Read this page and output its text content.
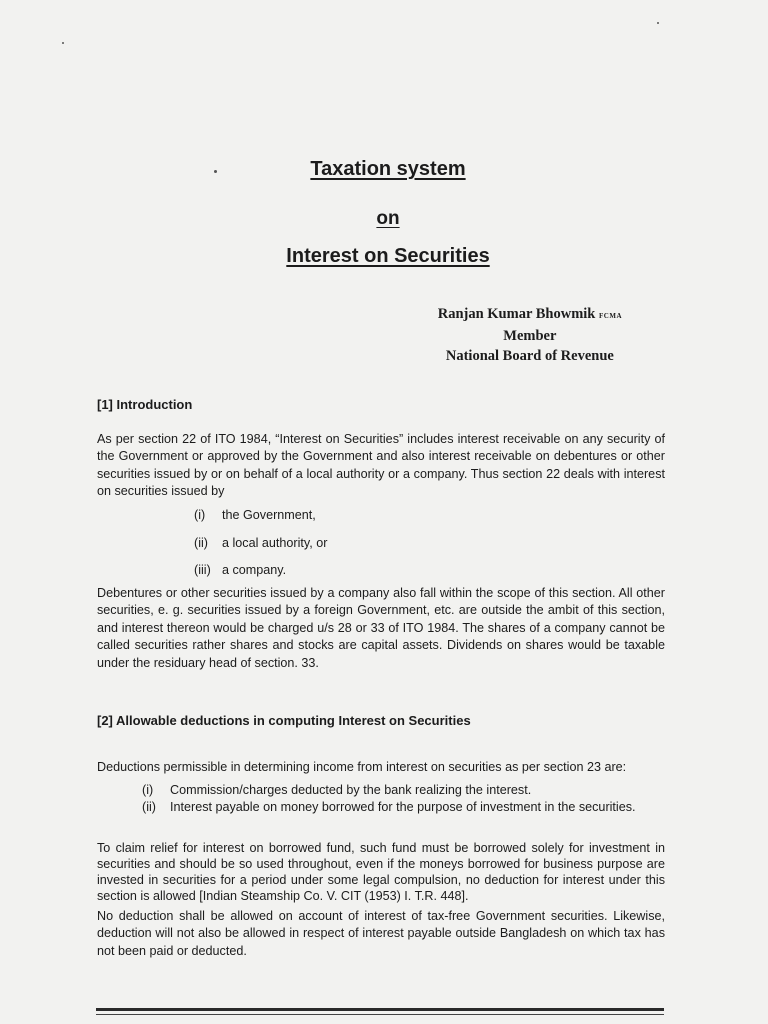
Taxation system
on
Interest on Securities
Ranjan Kumar Bhowmik FCMA
Member
National Board of Revenue
[1] Introduction

As per section 22 of ITO 1984, “Interest on Securities” includes interest receivable on any security of the Government or approved by the Government and also interest receivable on debentures or other securities issued by or on behalf of a local authority or a company. Thus section 22 deals with interest on securities issued by

(i)	the Government,
(ii)	a local authority, or
(iii) a company.

Debentures or other securities issued by a company also fall within the scope of this section. All other securities, e. g. securities issued by a foreign Government, etc. are outside the ambit of this section, and interest thereon would be charged u/s 28 or 33 of ITO 1984. The shares of a company cannot be called securities rather shares and stocks are capital assets. Dividends on shares would be taxable under the residuary head of section. 33.

[2] Allowable deductions in computing Interest on Securities

Deductions permissible in determining income from interest on securities as per section 23 are:

(i)	Commission/charges deducted by the bank realizing the interest.
(ii)	Interest payable on money borrowed for the purpose of investment in the securities.

To claim relief for interest on borrowed fund, such fund must be borrowed solely for investment in securities and should be so used throughout, even if the moneys borrowed for business purpose are invested in securities for a period under some legal compulsion, no deduction for interest under this section is allowed [Indian Steamship Co. V. CIT (1953) I. T.R. 448].

No deduction shall be allowed on account of interest of tax-free Government securities. Likewise, deduction will not also be allowed in respect of interest payable outside Bangladesh on which tax has not been paid or deducted.
